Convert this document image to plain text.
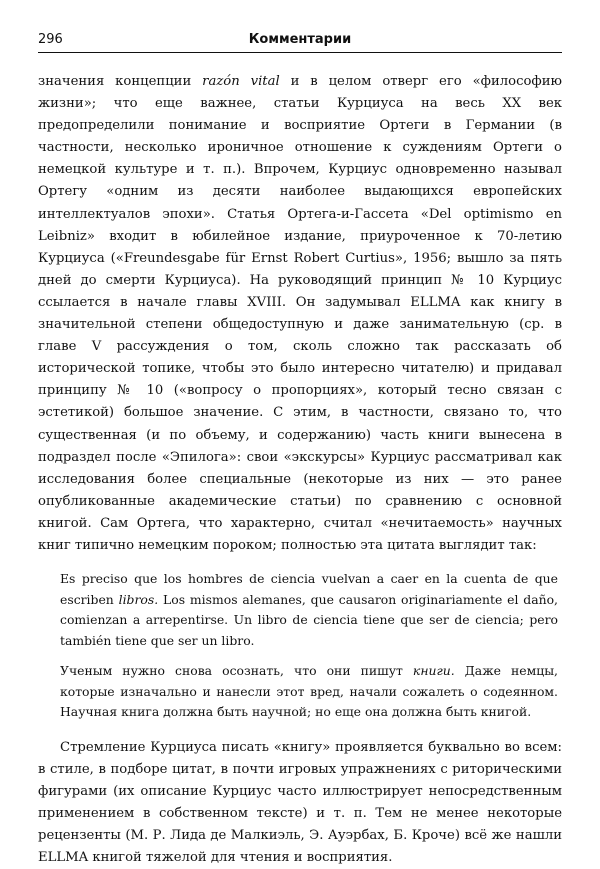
296	Комментарии

значения концепции razón vital и в целом отверг его «философию жизни»; что еще важнее, статьи Курциуса на весь XX век предопределили понимание и восприятие Ортеги в Германии (в частности, несколько ироничное отношение к суждениям Ортеги о немецкой культуре и т. п.). Впрочем, Курциус одновременно называл Ортегу «одним из десяти наиболее выдающихся европейских интеллектуалов эпохи». Статья Ортега-и-Гассета «Del optimismo en Leibniz» входит в юбилейное издание, приуроченное к 70-летию Курциуса («Freundesgabe für Ernst Robert Curtius», 1956; вышло за пять дней до смерти Курциуса). На руководящий принцип № 10 Курциус ссылается в начале главы XVIII. Он задумывал ELLMA как книгу в значительной степени общедоступную и даже занимательную (ср. в главе V рассуждения о том, сколь сложно так рассказать об исторической топике, чтобы это было интересно читателю) и придавал принципу № 10 («вопросу о пропорциях», который тесно связан с эстетикой) большое значение. С этим, в частности, связано то, что существенная (и по объему, и содержанию) часть книги вынесена в подраздел после «Эпилога»: свои «экскурсы» Курциус рассматривал как исследования более специальные (некоторые из них — это ранее опубликованные академические статьи) по сравнению с основной книгой. Сам Ортега, что характерно, считал «нечитаемость» научных книг типично немецким пороком; полностью эта цитата выглядит так:

Es preciso que los hombres de ciencia vuelvan a caer en la cuenta de que escriben libros. Los mismos alemanes, que causaron originariamente el daño, comienzan a arrepentirse. Un libro de ciencia tiene que ser de ciencia; pero también tiene que ser un libro.

Ученым нужно снова осознать, что они пишут книги. Даже немцы, которые изначально и нанесли этот вред, начали сожалеть о содеянном. Научная книга должна быть научной; но еще она должна быть книгой.

Стремление Курциуса писать «книгу» проявляется буквально во всем: в стиле, в подборе цитат, в почти игровых упражнениях с риторическими фигурами (их описание Курциус часто иллюстрирует непосредственным применением в собственном тексте) и т. п. Тем не менее некоторые рецензенты (М. Р. Лида де Малкиэль, Э. Ауэрбах, Б. Кроче) всё же нашли ELLMA книгой тяжелой для чтения и восприятия.
